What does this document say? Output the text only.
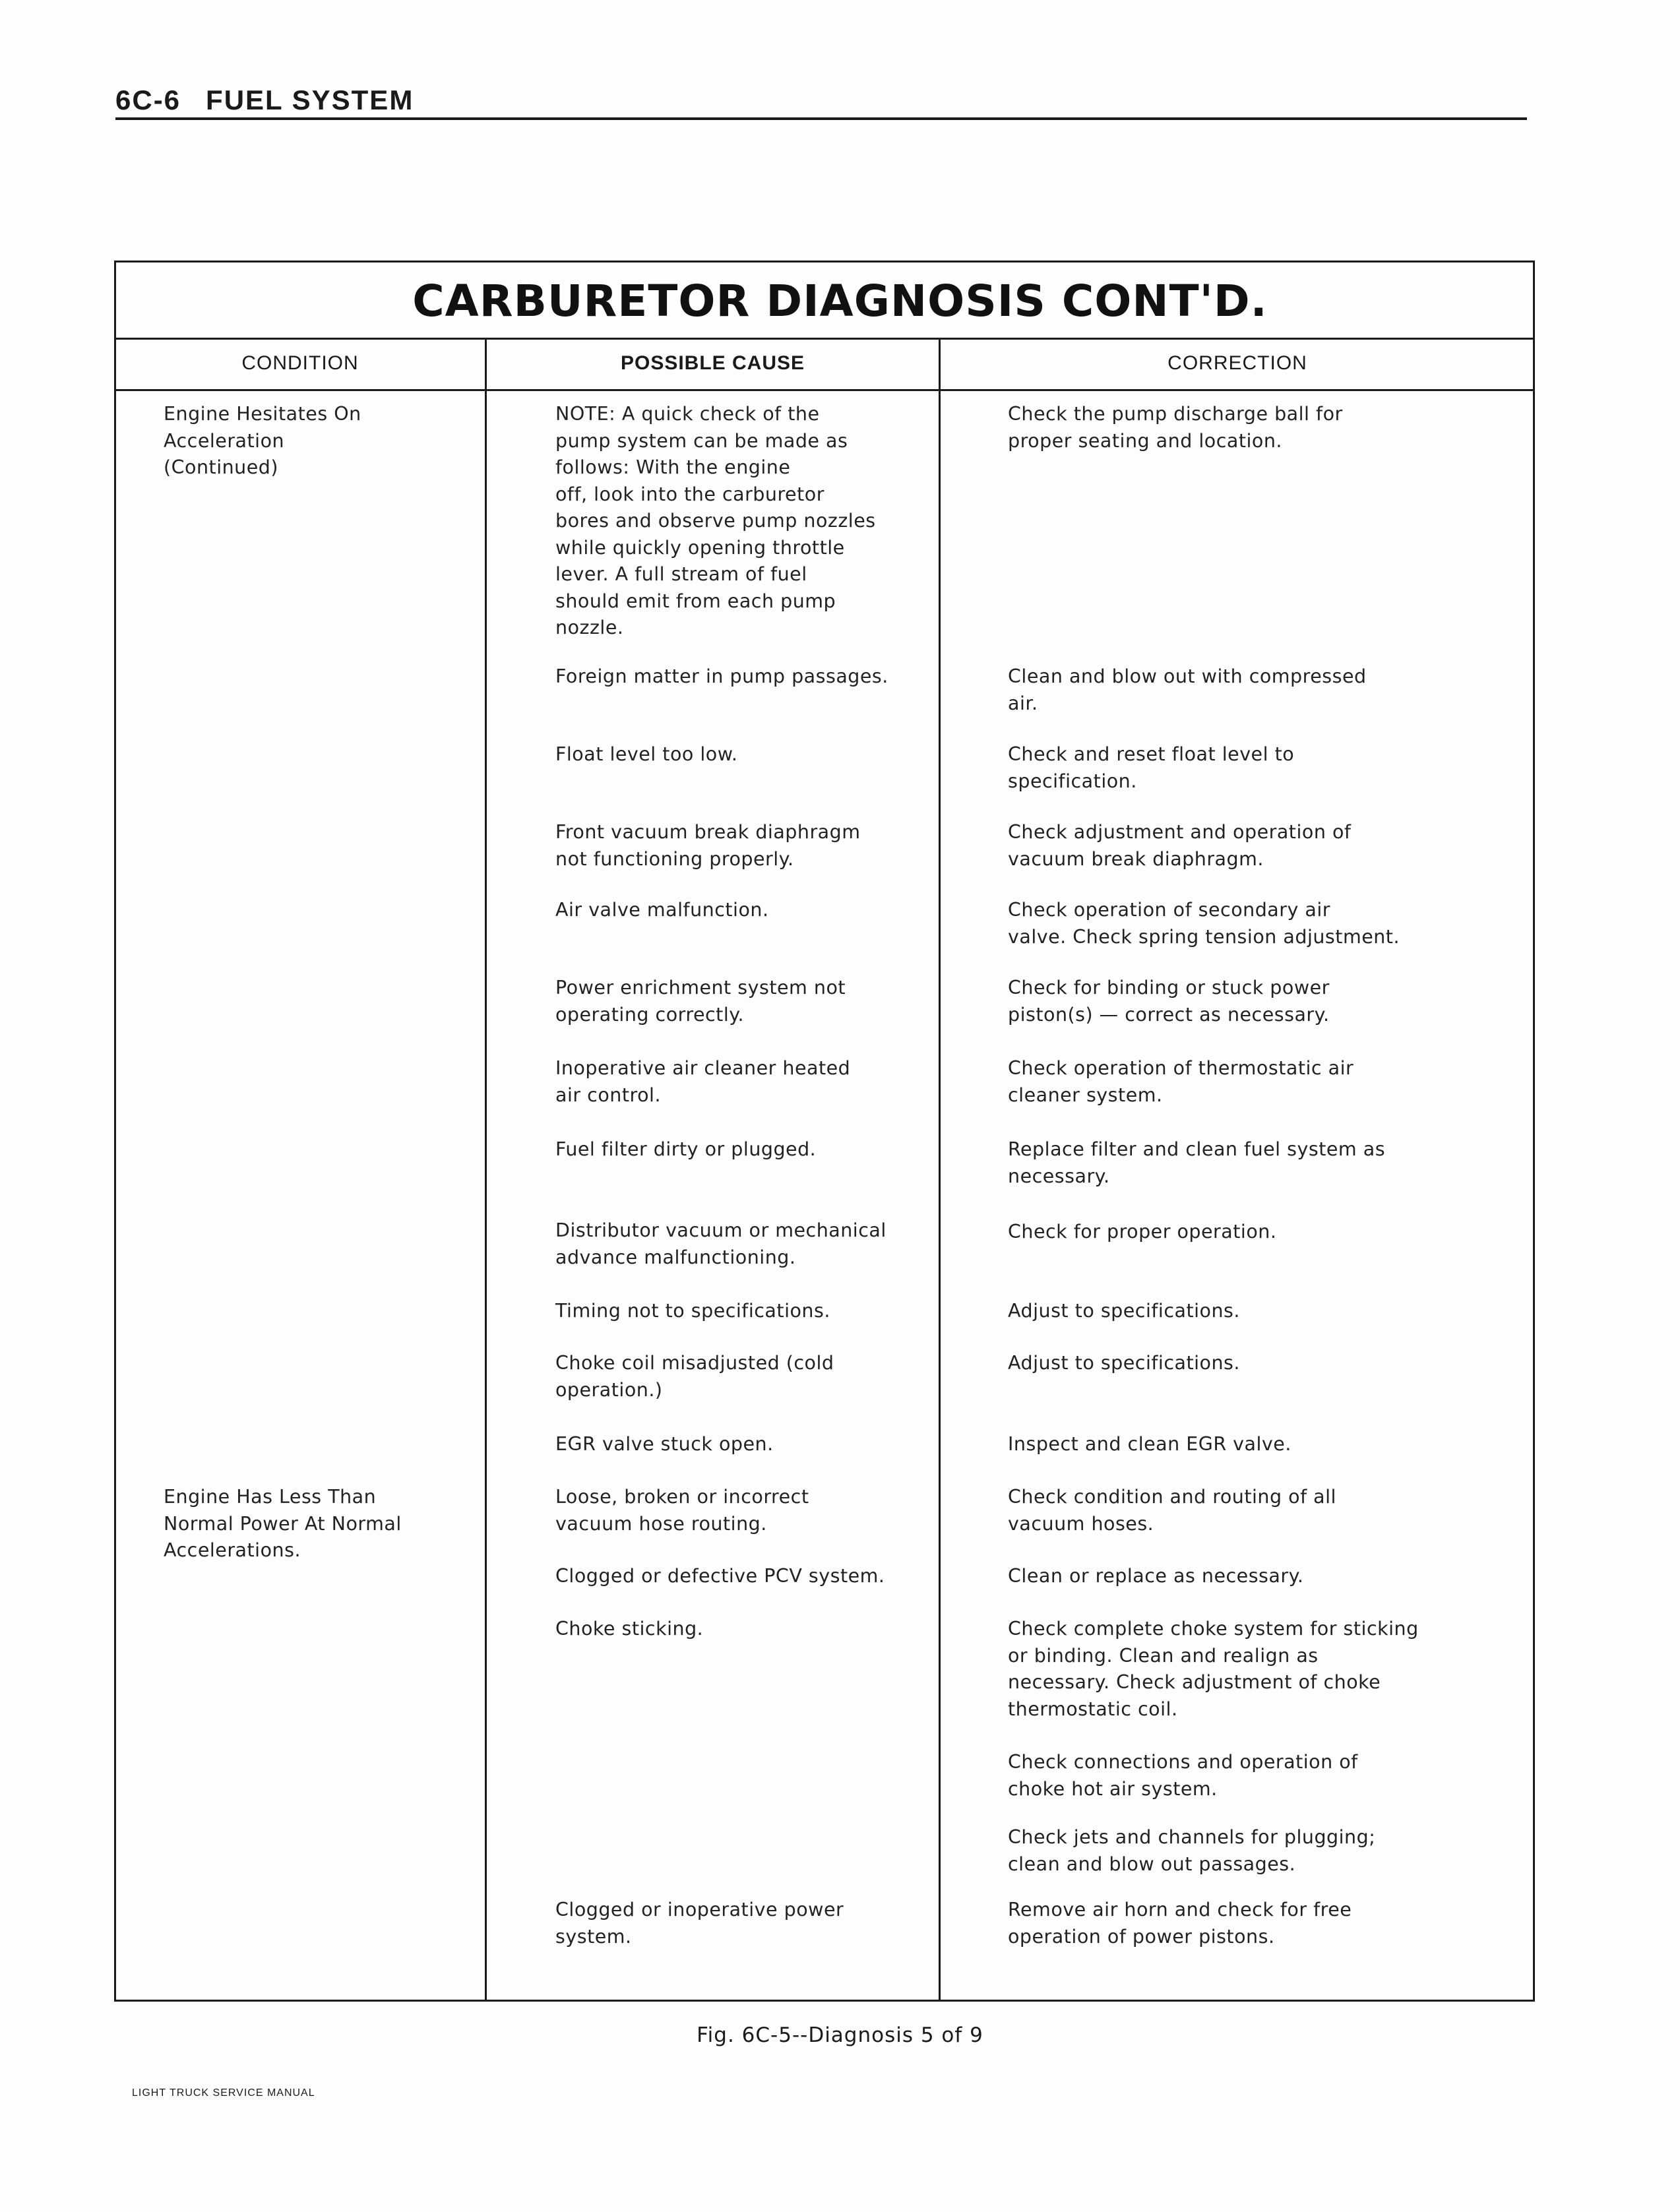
6C-6 FUEL SYSTEM
CARBURETOR DIAGNOSIS CONT'D.
CONDITION	POSSIBLE CAUSE	CORRECTION
Engine Hesitates On
Acceleration
(Continued)
Engine Has Less Than
Normal Power At Normal
Accelerations.
NOTE: A quick check of the
pump system can be made as
follows: With the engine
off, look into the carburetor
bores and observe pump nozzles
while quickly opening throttle
lever. A full stream of fuel
should emit from each pump
nozzle.
Foreign matter in pump passages.
Float level too low.
Front vacuum break diaphragm
not functioning properly.
Air valve malfunction.
Power enrichment system not
operating correctly.
Inoperative air cleaner heated
air control.
Fuel filter dirty or plugged.
Distributor vacuum or mechanical
advance malfunctioning.
Timing not to specifications.
Choke coil misadjusted (cold
operation.)
EGR valve stuck open.
Loose, broken or incorrect
vacuum hose routing.
Clogged or defective PCV system.
Choke sticking.
Clogged or inoperative power
system.
Check the pump discharge ball for
proper seating and location.
Clean and blow out with compressed
air.
Check and reset float level to
specification.
Check adjustment and operation of
vacuum break diaphragm.
Check operation of secondary air
valve. Check spring tension adjustment.
Check for binding or stuck power
piston(s) — correct as necessary.
Check operation of thermostatic air
cleaner system.
Replace filter and clean fuel system as
necessary.
Check for proper operation.
Adjust to specifications.
Adjust to specifications.
Inspect and clean EGR valve.
Check condition and routing of all
vacuum hoses.
Clean or replace as necessary.
Check complete choke system for sticking
or binding. Clean and realign as
necessary. Check adjustment of choke
thermostatic coil.
Check connections and operation of
choke hot air system.
Check jets and channels for plugging;
clean and blow out passages.
Remove air horn and check for free
operation of power pistons.
Fig. 6C-5--Diagnosis 5 of 9
LIGHT TRUCK SERVICE MANUAL
